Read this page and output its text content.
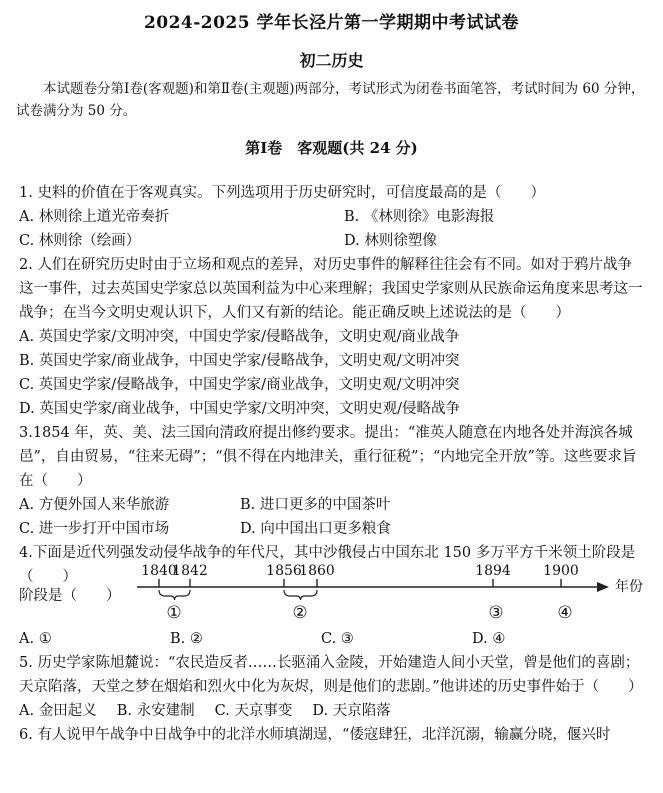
2024-2025 学年长泾片第一学期期中考试试卷
初二历史

本试题卷分第Ⅰ卷(客观题)和第Ⅱ卷(主观题)两部分，考试形式为闭卷书面笔答，考试时间为 60 分钟，试卷满分为 50 分。

第Ⅰ卷　客观题(共 24 分)

1. 史料的价值在于客观真实。下列选项用于历史研究时，可信度最高的是（　　）

A. 林则徐上道光帝奏折	B. 《林则徐》电影海报
C. 林则徐（绘画）	D. 林则徐塑像

2. 人们在研究历史时由于立场和观点的差异，对历史事件的解释往往会有不同。如对于鸦片战争这一事件，过去英国史学家总以英国利益为中心来理解；我国史学家则从民族命运角度来思考这一战争；在当今文明史观认识下，人们又有新的结论。能正确反映上述说法的是（　　）

A. 英国史学家/文明冲突，中国史学家/侵略战争，文明史观/商业战争

B. 英国史学家/商业战争，中国史学家/侵略战争，文明史观/文明冲突

C. 英国史学家/侵略战争，中国史学家/商业战争，文明史观/文明冲突

D. 英国史学家/商业战争，中国史学家/文明冲突，文明史观/侵略战争

3.1854 年，英、美、法三国向清政府提出修约要求。提出：“准英人随意在内地各处并海滨各城邑”，自由贸易，“往来无碍”；“俱不得在内地津关，重行征税”；“内地完全开放”等。这些要求旨在（　　）

A. 方便外国人来华旅游	B. 进口更多的中国茶叶
C. 进一步打开中国市场	D. 向中国出口更多粮食

4.下面是近代列强发动侵华战争的年代尺，其中沙俄侵占中国东北 150 多万平方千米领土阶段是（　　）

阶段是（　　）
1840
1842	1856
1860	1894 1900
年份
①	②	③	④
A. ①	B. ②	C. ③	D. ④

5. 历史学家陈旭麓说：“农民造反者……长驱涌入金陵，开始建造人间小天堂，曾是他们的喜剧；天京陷落，天堂之梦在烟焰和烈火中化为灰烬，则是他们的悲剧。”他讲述的历史事件始于（　　）

A. 金田起义 B. 永安建制 C. 天京事变 D. 天京陷落

6. 有人说甲午战争中日战争中的北洋水师填湖逞，“倭寇肆狂，北洋沉溺，输赢分晓，偃兴时
